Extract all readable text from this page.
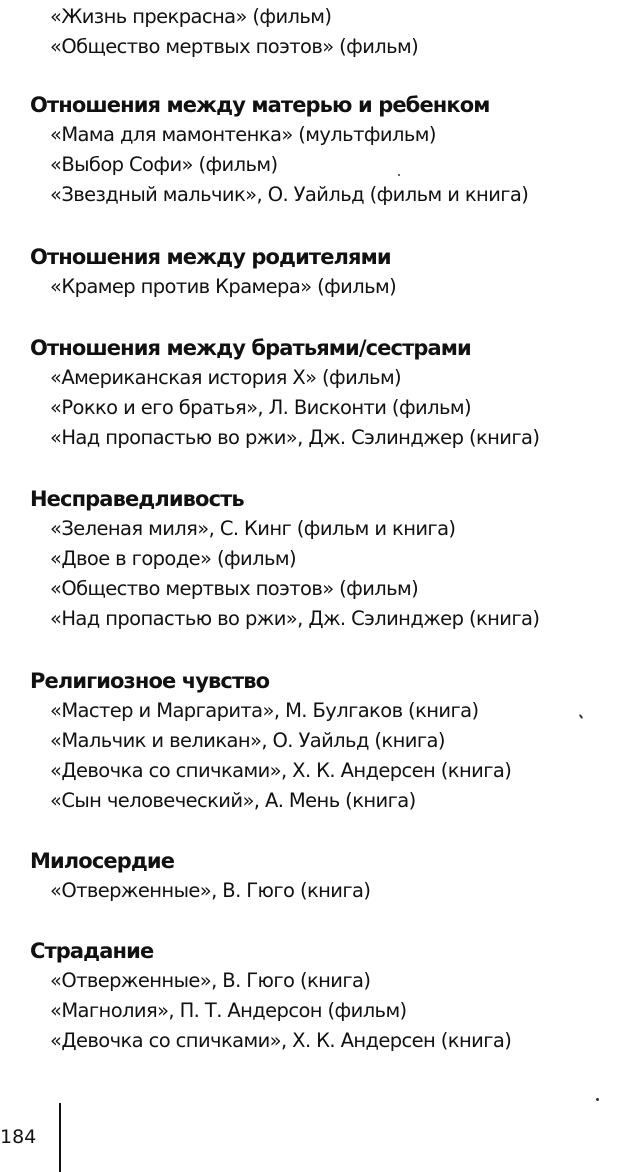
«Жизнь прекрасна» (фильм)
«Общество мертвых поэтов» (фильм)
Отношения между матерью и ребенком
«Мама для мамонтенка» (мультфильм)
«Выбор Софи» (фильм)
«Звездный мальчик», О. Уайльд (фильм и книга)
Отношения между родителями
«Крамер против Крамера» (фильм)
Отношения между братьями/сестрами
«Американская история Х» (фильм)
«Рокко и его братья», Л. Висконти (фильм)
«Над пропастью во ржи», Дж. Сэлинджер (книга)
Несправедливость
«Зеленая миля», С. Кинг (фильм и книга)
«Двое в городе» (фильм)
«Общество мертвых поэтов» (фильм)
«Над пропастью во ржи», Дж. Сэлинджер (книга)
Религиозное чувство
«Мастер и Маргарита», М. Булгаков (книга)
«Мальчик и великан», О. Уайльд (книга)
«Девочка со спичками», Х. К. Андерсен (книга)
«Сын человеческий», А. Мень (книга)
Милосердие
«Отверженные», В. Гюго (книга)
Страдание
«Отверженные», В. Гюго (книга)
«Магнолия», П. Т. Андерсон (фильм)
«Девочка со спичками», Х. К. Андерсен (книга)
184
